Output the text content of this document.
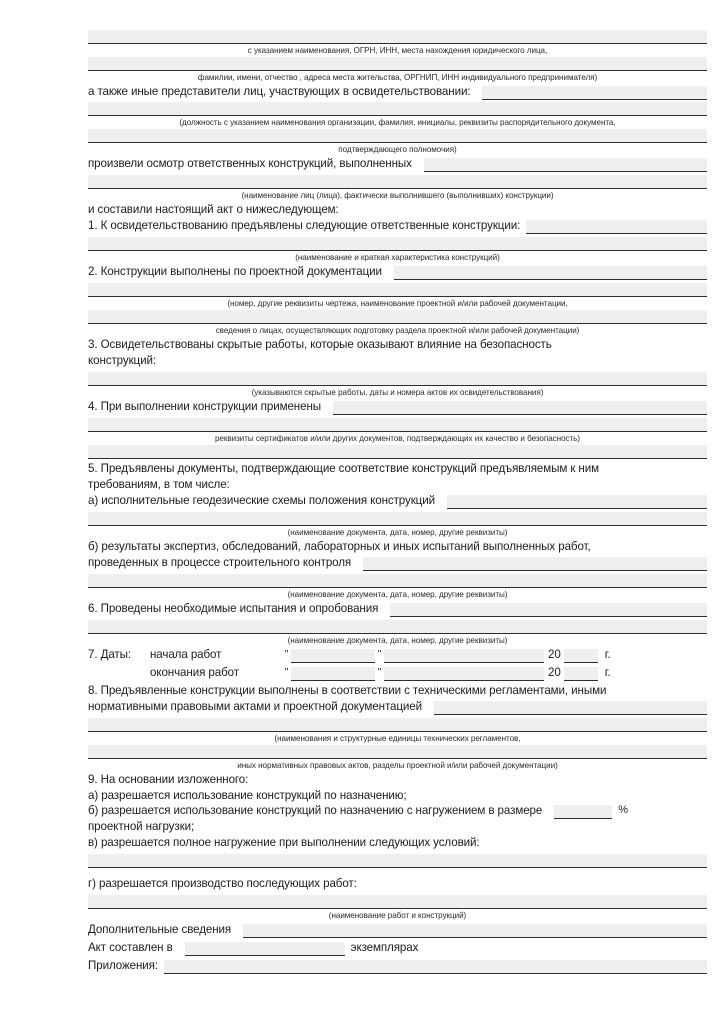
с указанием наименования, ОГРН, ИНН, места нахождения юридического лица,
фамилии, имени, отчество , адреса места жительства, ОРГНИП, ИНН индивидуального предпринимателя)
а также иные представители лиц, участвующих в освидетельствовании:
(должность с указанием наименования организации, фамилия, инициалы, реквизиты распорядительного документа,
подтверждающего полномочия)
произвели осмотр ответственных конструкций, выполненных
(наименование лиц (лица), фактически выполнившего (выполнивших) конструкции)
и составили настоящий акт о нижеследующем:
1. К освидетельствованию предъявлены следующие ответственные конструкции:
(наименование и краткая характеристика конструкций)
2. Конструкции выполнены по проектной документации
(номер, другие реквизиты чертежа, наименование проектной и/или рабочей документации,
сведения о лицах, осуществляющих подготовку раздела проектной и/или рабочей документации)
3. Освидетельствованы скрытые работы, которые оказывают влияние на безопасность
конструкций:
(указываются скрытые работы, даты и номера актов их освидетельствования)
4. При выполнении конструкции применены
реквизиты сертификатов и/или других документов, подтверждающих их качество и безопасность)
5. Предъявлены документы, подтверждающие соответствие конструкций предъявляемым к ним
требованиям, в том числе:
а) исполнительные геодезические схемы положения конструкций
(наименование документа, дата, номер, другие реквизиты)
б) результаты экспертиз, обследований, лабораторных и иных испытаний выполненных работ,
проведенных в процессе строительного контроля
(наименование документа, дата, номер, другие реквизиты)
6. Проведены необходимые испытания и опробования
(наименование документа, дата, номер, другие реквизиты)
7. Даты:	начала работ	"	"	20	г.
окончания работ	"	"	20	г.
8. Предъявленные конструкции выполнены в соответствии с техническими регламентами, иными
нормативными правовыми актами и проектной документацией
(наименования и структурные единицы технических регламентов,
иных нормативных правовых актов, разделы проектной и/или рабочей документации)
9. На основании изложенного:
а) разрешается использование конструкций по назначению;
б) разрешается использование конструкций по назначению с нагружением в размере	%
проектной нагрузки;
в) разрешается полное нагружение при выполнении следующих условий:
г) разрешается производство последующих работ:
(наименование работ и конструкций)
Дополнительные сведения
Акт составлен в	экземплярах
Приложения:
